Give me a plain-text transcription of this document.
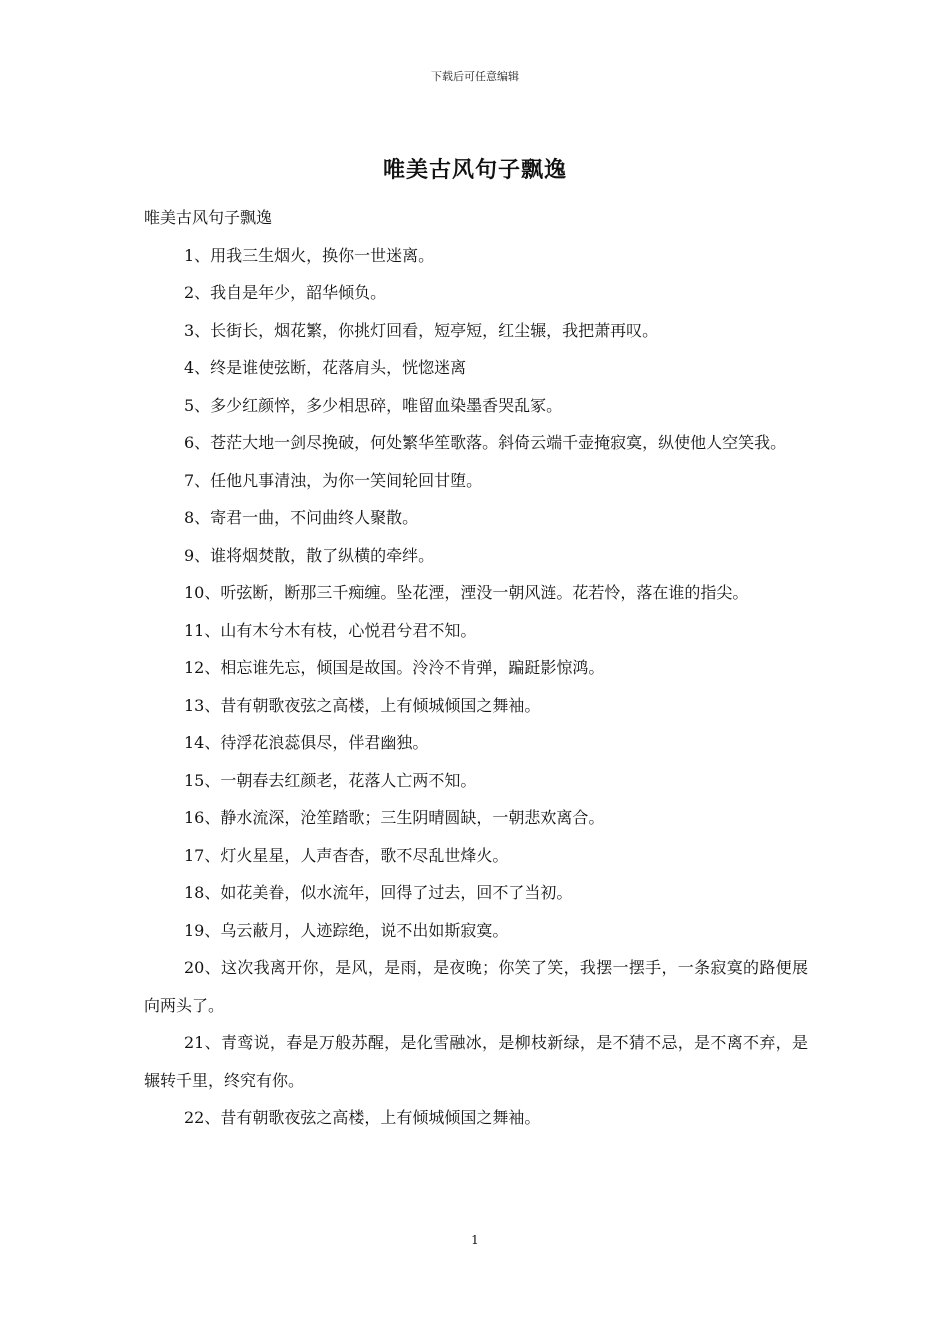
下载后可任意编辑
唯美古风句子飘逸

唯美古风句子飘逸

1、用我三生烟火，换你一世迷离。

2、我自是年少，韶华倾负。

3、长街长，烟花繁，你挑灯回看，短亭短，红尘辗，我把萧再叹。

4、终是谁使弦断，花落肩头，恍惚迷离

5、多少红颜悴，多少相思碎，唯留血染墨香哭乱冢。

6、苍茫大地一剑尽挽破，何处繁华笙歌落。斜倚云端千壶掩寂寞，纵使他人空笑我。

7、任他凡事清浊，为你一笑间轮回甘堕。

8、寄君一曲，不问曲终人聚散。

9、谁将烟焚散，散了纵横的牵绊。

10、听弦断，断那三千痴缠。坠花湮，湮没一朝风涟。花若怜，落在谁的指尖。

11、山有木兮木有枝，心悦君兮君不知。

12、相忘谁先忘，倾国是故国。泠泠不肯弹，蹁跹影惊鸿。

13、昔有朝歌夜弦之高楼，上有倾城倾国之舞袖。

14、待浮花浪蕊俱尽，伴君幽独。

15、一朝春去红颜老，花落人亡两不知。

16、静水流深，沧笙踏歌；三生阴晴圆缺，一朝悲欢离合。

17、灯火星星，人声杳杳，歌不尽乱世烽火。

18、如花美眷，似水流年，回得了过去，回不了当初。

19、乌云蔽月，人迹踪绝，说不出如斯寂寞。

20、这次我离开你，是风，是雨，是夜晚；你笑了笑，我摆一摆手，一条寂寞的路便展向两头了。

21、青鸾说，春是万般苏醒，是化雪融冰，是柳枝新绿，是不猜不忌，是不离不弃，是辗转千里，终究有你。

22、昔有朝歌夜弦之高楼，上有倾城倾国之舞袖。

1
